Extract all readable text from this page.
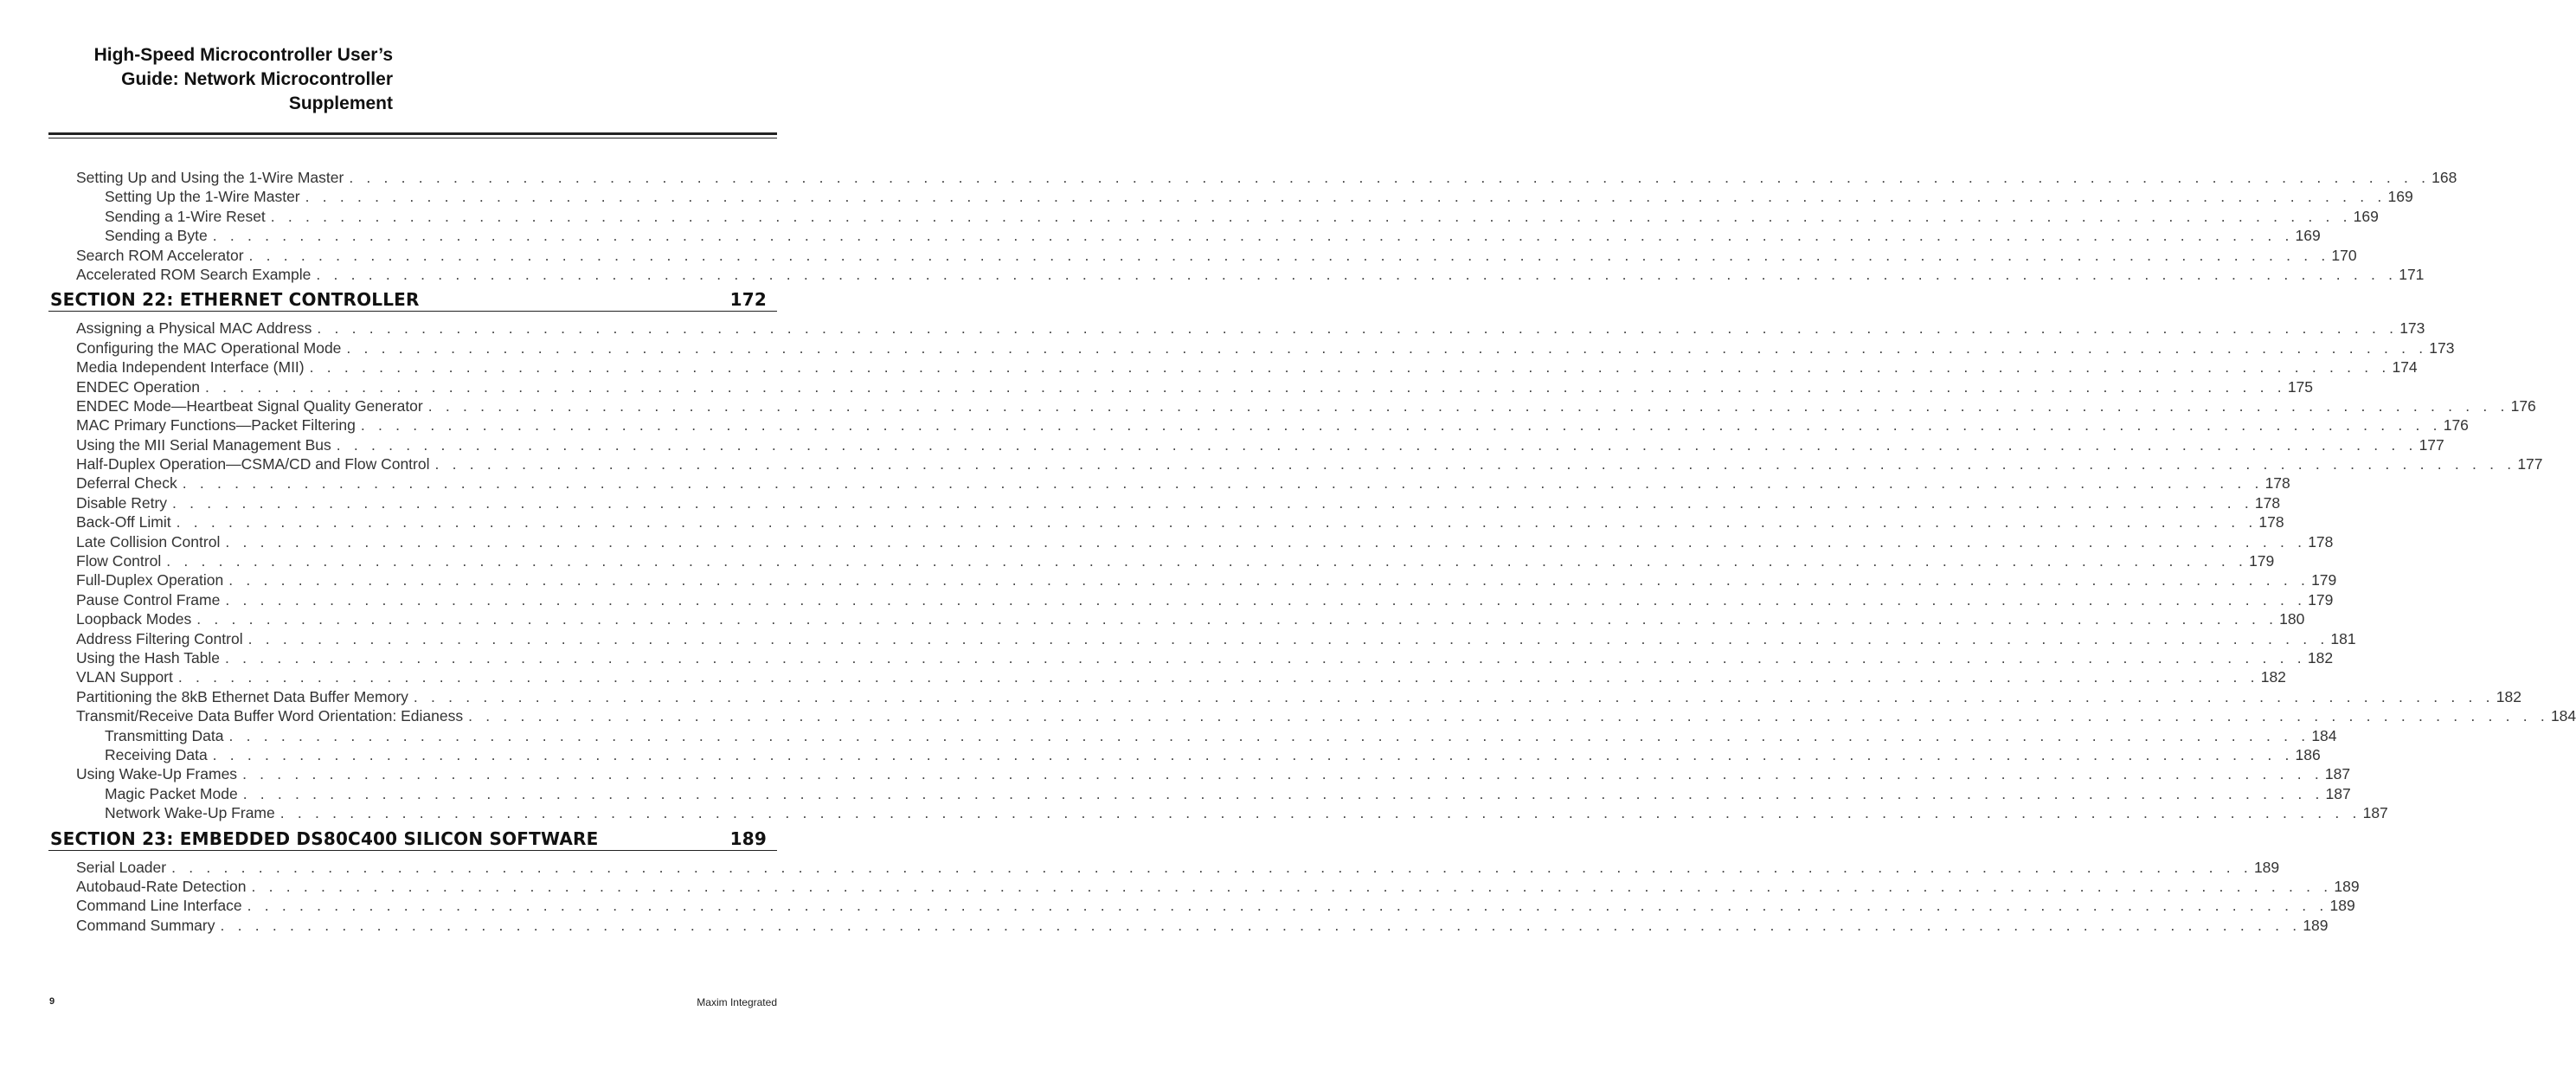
High-Speed Microcontroller User’s
Guide: Network Microcontroller
Supplement
Setting Up and Using the 1-Wire Master . . . . . . . . . . . . . . . . . . . . . . . . . . . . . . . . . . . . . . . . . . . . . . . . . . . . . . . . . . . . . . . . . . . . . . . . . . . . . . . . . . . . . . . . . . . . . . . . . . . . . . . . . . . . . . . . . . . . . . . . 168
Setting Up the 1-Wire Master . . . . . . . . . . . . . . . . . . . . . . . . . . . . . . . . . . . . . . . . . . . . . . . . . . . . . . . . . . . . . . . . . . . . . . . . . . . . . . . . . . . . . . . . . . . . . . . . . . . . . . . . . . . . . . . . . . . . . . . . 169
Sending a 1-Wire Reset . . . . . . . . . . . . . . . . . . . . . . . . . . . . . . . . . . . . . . . . . . . . . . . . . . . . . . . . . . . . . . . . . . . . . . . . . . . . . . . . . . . . . . . . . . . . . . . . . . . . . . . . . . . . . . . . . . . . . . . . 169
Sending a Byte . . . . . . . . . . . . . . . . . . . . . . . . . . . . . . . . . . . . . . . . . . . . . . . . . . . . . . . . . . . . . . . . . . . . . . . . . . . . . . . . . . . . . . . . . . . . . . . . . . . . . . . . . . . . . . . . . . . . . . . . 169
Search ROM Accelerator . . . . . . . . . . . . . . . . . . . . . . . . . . . . . . . . . . . . . . . . . . . . . . . . . . . . . . . . . . . . . . . . . . . . . . . . . . . . . . . . . . . . . . . . . . . . . . . . . . . . . . . . . . . . . . . . . . . . . . . . 170
Accelerated ROM Search Example . . . . . . . . . . . . . . . . . . . . . . . . . . . . . . . . . . . . . . . . . . . . . . . . . . . . . . . . . . . . . . . . . . . . . . . . . . . . . . . . . . . . . . . . . . . . . . . . . . . . . . . . . . . . . . . . . . . . . . . . 171
SECTION 22: ETHERNET CONTROLLER	172
Assigning a Physical MAC Address . . . . . . . . . . . . . . . . . . . . . . . . . . . . . . . . . . . . . . . . . . . . . . . . . . . . . . . . . . . . . . . . . . . . . . . . . . . . . . . . . . . . . . . . . . . . . . . . . . . . . . . . . . . . . . . . . . . . . . . . 173
Configuring the MAC Operational Mode . . . . . . . . . . . . . . . . . . . . . . . . . . . . . . . . . . . . . . . . . . . . . . . . . . . . . . . . . . . . . . . . . . . . . . . . . . . . . . . . . . . . . . . . . . . . . . . . . . . . . . . . . . . . . . . . . . . . . . . . 173
Media Independent Interface (MII) . . . . . . . . . . . . . . . . . . . . . . . . . . . . . . . . . . . . . . . . . . . . . . . . . . . . . . . . . . . . . . . . . . . . . . . . . . . . . . . . . . . . . . . . . . . . . . . . . . . . . . . . . . . . . . . . . . . . . . . . 174
ENDEC Operation . . . . . . . . . . . . . . . . . . . . . . . . . . . . . . . . . . . . . . . . . . . . . . . . . . . . . . . . . . . . . . . . . . . . . . . . . . . . . . . . . . . . . . . . . . . . . . . . . . . . . . . . . . . . . . . . . . . . . . . . 175
ENDEC Mode—Heartbeat Signal Quality Generator . . . . . . . . . . . . . . . . . . . . . . . . . . . . . . . . . . . . . . . . . . . . . . . . . . . . . . . . . . . . . . . . . . . . . . . . . . . . . . . . . . . . . . . . . . . . . . . . . . . . . . . . . . . . . . . . . . . . . . . . 176
MAC Primary Functions—Packet Filtering . . . . . . . . . . . . . . . . . . . . . . . . . . . . . . . . . . . . . . . . . . . . . . . . . . . . . . . . . . . . . . . . . . . . . . . . . . . . . . . . . . . . . . . . . . . . . . . . . . . . . . . . . . . . . . . . . . . . . . . . 176
Using the MII Serial Management Bus . . . . . . . . . . . . . . . . . . . . . . . . . . . . . . . . . . . . . . . . . . . . . . . . . . . . . . . . . . . . . . . . . . . . . . . . . . . . . . . . . . . . . . . . . . . . . . . . . . . . . . . . . . . . . . . . . . . . . . . . 177
Half-Duplex Operation—CSMA/CD and Flow Control . . . . . . . . . . . . . . . . . . . . . . . . . . . . . . . . . . . . . . . . . . . . . . . . . . . . . . . . . . . . . . . . . . . . . . . . . . . . . . . . . . . . . . . . . . . . . . . . . . . . . . . . . . . . . . . . . . . . . . . . 177
Deferral Check . . . . . . . . . . . . . . . . . . . . . . . . . . . . . . . . . . . . . . . . . . . . . . . . . . . . . . . . . . . . . . . . . . . . . . . . . . . . . . . . . . . . . . . . . . . . . . . . . . . . . . . . . . . . . . . . . . . . . . . . 178
Disable Retry . . . . . . . . . . . . . . . . . . . . . . . . . . . . . . . . . . . . . . . . . . . . . . . . . . . . . . . . . . . . . . . . . . . . . . . . . . . . . . . . . . . . . . . . . . . . . . . . . . . . . . . . . . . . . . . . . . . . . . . . 178
Back-Off Limit . . . . . . . . . . . . . . . . . . . . . . . . . . . . . . . . . . . . . . . . . . . . . . . . . . . . . . . . . . . . . . . . . . . . . . . . . . . . . . . . . . . . . . . . . . . . . . . . . . . . . . . . . . . . . . . . . . . . . . . . 178
Late Collision Control . . . . . . . . . . . . . . . . . . . . . . . . . . . . . . . . . . . . . . . . . . . . . . . . . . . . . . . . . . . . . . . . . . . . . . . . . . . . . . . . . . . . . . . . . . . . . . . . . . . . . . . . . . . . . . . . . . . . . . . . 178
Flow Control . . . . . . . . . . . . . . . . . . . . . . . . . . . . . . . . . . . . . . . . . . . . . . . . . . . . . . . . . . . . . . . . . . . . . . . . . . . . . . . . . . . . . . . . . . . . . . . . . . . . . . . . . . . . . . . . . . . . . . . . 179
Full-Duplex Operation . . . . . . . . . . . . . . . . . . . . . . . . . . . . . . . . . . . . . . . . . . . . . . . . . . . . . . . . . . . . . . . . . . . . . . . . . . . . . . . . . . . . . . . . . . . . . . . . . . . . . . . . . . . . . . . . . . . . . . . . 179
Pause Control Frame . . . . . . . . . . . . . . . . . . . . . . . . . . . . . . . . . . . . . . . . . . . . . . . . . . . . . . . . . . . . . . . . . . . . . . . . . . . . . . . . . . . . . . . . . . . . . . . . . . . . . . . . . . . . . . . . . . . . . . . . 179
Loopback Modes . . . . . . . . . . . . . . . . . . . . . . . . . . . . . . . . . . . . . . . . . . . . . . . . . . . . . . . . . . . . . . . . . . . . . . . . . . . . . . . . . . . . . . . . . . . . . . . . . . . . . . . . . . . . . . . . . . . . . . . . 180
Address Filtering Control . . . . . . . . . . . . . . . . . . . . . . . . . . . . . . . . . . . . . . . . . . . . . . . . . . . . . . . . . . . . . . . . . . . . . . . . . . . . . . . . . . . . . . . . . . . . . . . . . . . . . . . . . . . . . . . . . . . . . . . . 181
Using the Hash Table . . . . . . . . . . . . . . . . . . . . . . . . . . . . . . . . . . . . . . . . . . . . . . . . . . . . . . . . . . . . . . . . . . . . . . . . . . . . . . . . . . . . . . . . . . . . . . . . . . . . . . . . . . . . . . . . . . . . . . . . 182
VLAN Support . . . . . . . . . . . . . . . . . . . . . . . . . . . . . . . . . . . . . . . . . . . . . . . . . . . . . . . . . . . . . . . . . . . . . . . . . . . . . . . . . . . . . . . . . . . . . . . . . . . . . . . . . . . . . . . . . . . . . . . . 182
Partitioning the 8kB Ethernet Data Buffer Memory . . . . . . . . . . . . . . . . . . . . . . . . . . . . . . . . . . . . . . . . . . . . . . . . . . . . . . . . . . . . . . . . . . . . . . . . . . . . . . . . . . . . . . . . . . . . . . . . . . . . . . . . . . . . . . . . . . . . . . . . 182
Transmit/Receive Data Buffer Word Orientation: Edianess . . . . . . . . . . . . . . . . . . . . . . . . . . . . . . . . . . . . . . . . . . . . . . . . . . . . . . . . . . . . . . . . . . . . . . . . . . . . . . . . . . . . . . . . . . . . . . . . . . . . . . . . . . . . . . . . . . . . . . . . 184
Transmitting Data . . . . . . . . . . . . . . . . . . . . . . . . . . . . . . . . . . . . . . . . . . . . . . . . . . . . . . . . . . . . . . . . . . . . . . . . . . . . . . . . . . . . . . . . . . . . . . . . . . . . . . . . . . . . . . . . . . . . . . . . 184
Receiving Data . . . . . . . . . . . . . . . . . . . . . . . . . . . . . . . . . . . . . . . . . . . . . . . . . . . . . . . . . . . . . . . . . . . . . . . . . . . . . . . . . . . . . . . . . . . . . . . . . . . . . . . . . . . . . . . . . . . . . . . . 186
Using Wake-Up Frames . . . . . . . . . . . . . . . . . . . . . . . . . . . . . . . . . . . . . . . . . . . . . . . . . . . . . . . . . . . . . . . . . . . . . . . . . . . . . . . . . . . . . . . . . . . . . . . . . . . . . . . . . . . . . . . . . . . . . . . . 187
Magic Packet Mode . . . . . . . . . . . . . . . . . . . . . . . . . . . . . . . . . . . . . . . . . . . . . . . . . . . . . . . . . . . . . . . . . . . . . . . . . . . . . . . . . . . . . . . . . . . . . . . . . . . . . . . . . . . . . . . . . . . . . . . . 187
Network Wake-Up Frame . . . . . . . . . . . . . . . . . . . . . . . . . . . . . . . . . . . . . . . . . . . . . . . . . . . . . . . . . . . . . . . . . . . . . . . . . . . . . . . . . . . . . . . . . . . . . . . . . . . . . . . . . . . . . . . . . . . . . . . . 187
SECTION 23: EMBEDDED DS80C400 SILICON SOFTWARE	189
Serial Loader . . . . . . . . . . . . . . . . . . . . . . . . . . . . . . . . . . . . . . . . . . . . . . . . . . . . . . . . . . . . . . . . . . . . . . . . . . . . . . . . . . . . . . . . . . . . . . . . . . . . . . . . . . . . . . . . . . . . . . . . 189
Autobaud-Rate Detection . . . . . . . . . . . . . . . . . . . . . . . . . . . . . . . . . . . . . . . . . . . . . . . . . . . . . . . . . . . . . . . . . . . . . . . . . . . . . . . . . . . . . . . . . . . . . . . . . . . . . . . . . . . . . . . . . . . . . . . . 189
Command Line Interface . . . . . . . . . . . . . . . . . . . . . . . . . . . . . . . . . . . . . . . . . . . . . . . . . . . . . . . . . . . . . . . . . . . . . . . . . . . . . . . . . . . . . . . . . . . . . . . . . . . . . . . . . . . . . . . . . . . . . . . . 189
Command Summary . . . . . . . . . . . . . . . . . . . . . . . . . . . . . . . . . . . . . . . . . . . . . . . . . . . . . . . . . . . . . . . . . . . . . . . . . . . . . . . . . . . . . . . . . . . . . . . . . . . . . . . . . . . . . . . . . . . . . . . . 189
9	Maxim Integrated
